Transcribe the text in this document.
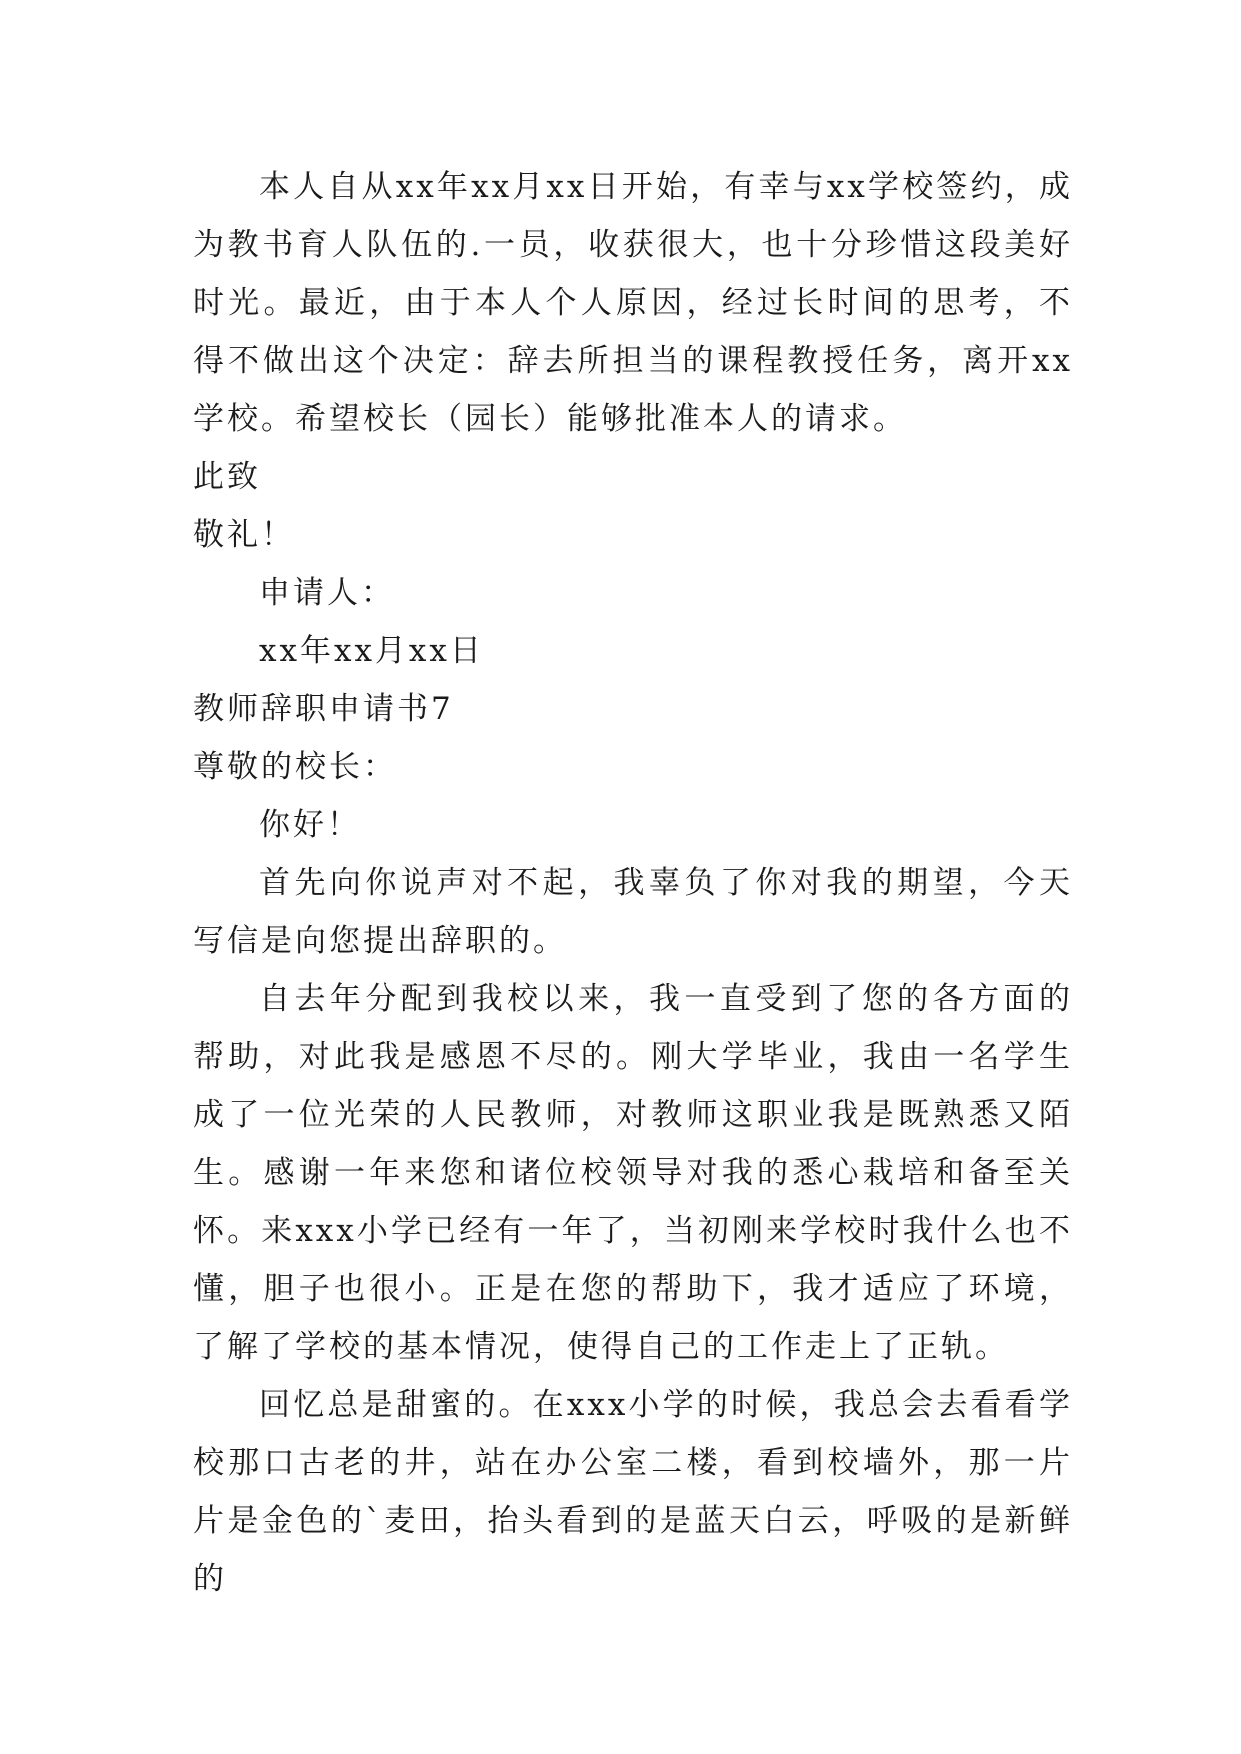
本人自从xx年xx月xx日开始，有幸与xx学校签约，成为教书育人队伍的.一员，收获很大，也十分珍惜这段美好时光。最近，由于本人个人原因，经过长时间的思考，不得不做出这个决定：辞去所担当的课程教授任务，离开xx学校。希望校长（园长）能够批准本人的请求。

此致

敬礼！

申请人：

xx年xx月xx日

教师辞职申请书7

尊敬的校长：

你好！

首先向你说声对不起，我辜负了你对我的期望，今天写信是向您提出辞职的。

自去年分配到我校以来，我一直受到了您的各方面的帮助，对此我是感恩不尽的。刚大学毕业，我由一名学生成了一位光荣的人民教师，对教师这职业我是既熟悉又陌生。感谢一年来您和诸位校领导对我的悉心栽培和备至关怀。来xxx小学已经有一年了，当初刚来学校时我什么也不懂，胆子也很小。正是在您的帮助下，我才适应了环境，了解了学校的基本情况，使得自己的工作走上了正轨。

回忆总是甜蜜的。在xxx小学的时候，我总会去看看学校那口古老的井，站在办公室二楼，看到校墙外，那一片片是金色的`麦田，抬头看到的是蓝天白云，呼吸的是新鲜的
